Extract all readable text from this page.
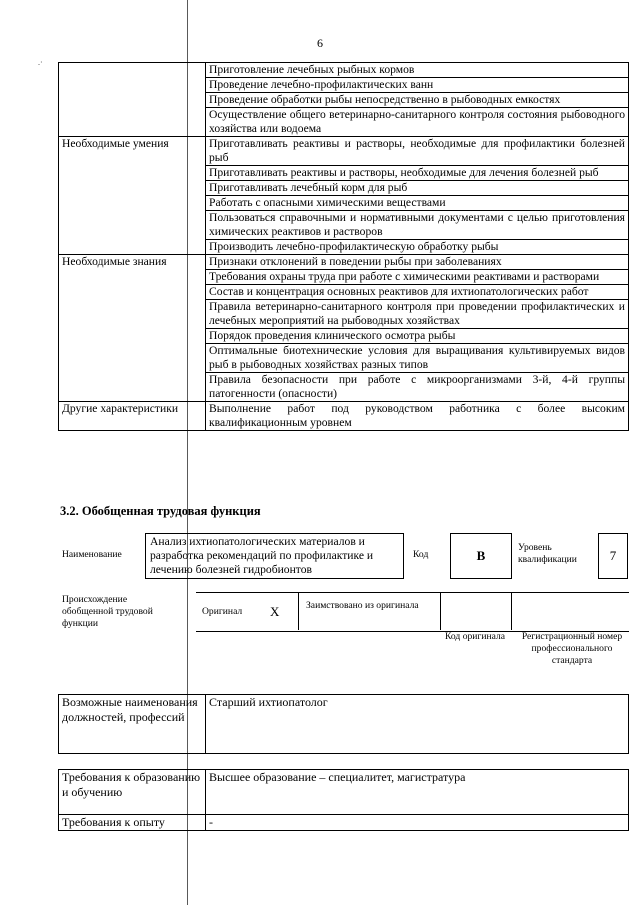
.·
6
	Приготовление лечебных рыбных кормов
	Проведение лечебно-профилактических ванн
	Проведение обработки рыбы непосредственно в рыбоводных емкостях
	Осуществление общего ветеринарно-санитарного контроля состояния рыбоводного хозяйства или водоема
Необходимые умения	Приготавливать реактивы и растворы, необходимые для профилактики болезней рыб
	Приготавливать реактивы и растворы, необходимые для лечения болезней рыб
	Приготавливать лечебный корм для рыб
	Работать с опасными химическими веществами
	Пользоваться справочными и нормативными документами с целью приготовления химических реактивов и растворов
	Производить лечебно-профилактическую обработку рыбы
Необходимые знания	Признаки отклонений в поведении рыбы при заболеваниях
	Требования охраны труда при работе с химическими реактивами и растворами
	Состав и концентрация основных реактивов для ихтиопатологических работ
	Правила ветеринарно-санитарного контроля при проведении профилактических и лечебных мероприятий на рыбоводных хозяйствах
	Порядок проведения клинического осмотра рыбы
	Оптимальные биотехнические условия для выращивания культивируемых видов рыб в рыбоводных хозяйствах разных типов
	Правила безопасности при работе с микроорганизмами 3-й, 4-й группы патогенности (опасности)
Другие характеристики	Выполнение работ под руководством работника с более высоким квалификационным уровнем
3.2. Обобщенная трудовая функция
Наименование
Анализ ихтиопатологических материалов и разработка рекомендаций по профилактике и лечению болезней гидробионтов
Код	В
Уровень квалификации	7
Происхождение обобщенной трудовой функции
Оригинал X	Заимствовано из оригинала
Код оригинала	Регистрационный номер профессионального стандарта
Возможные наименования должностей, профессий	Старший ихтиопатолог
Требования к образованию и обучению	Высшее образование – специалитет, магистратура
Требования к опыту	-
